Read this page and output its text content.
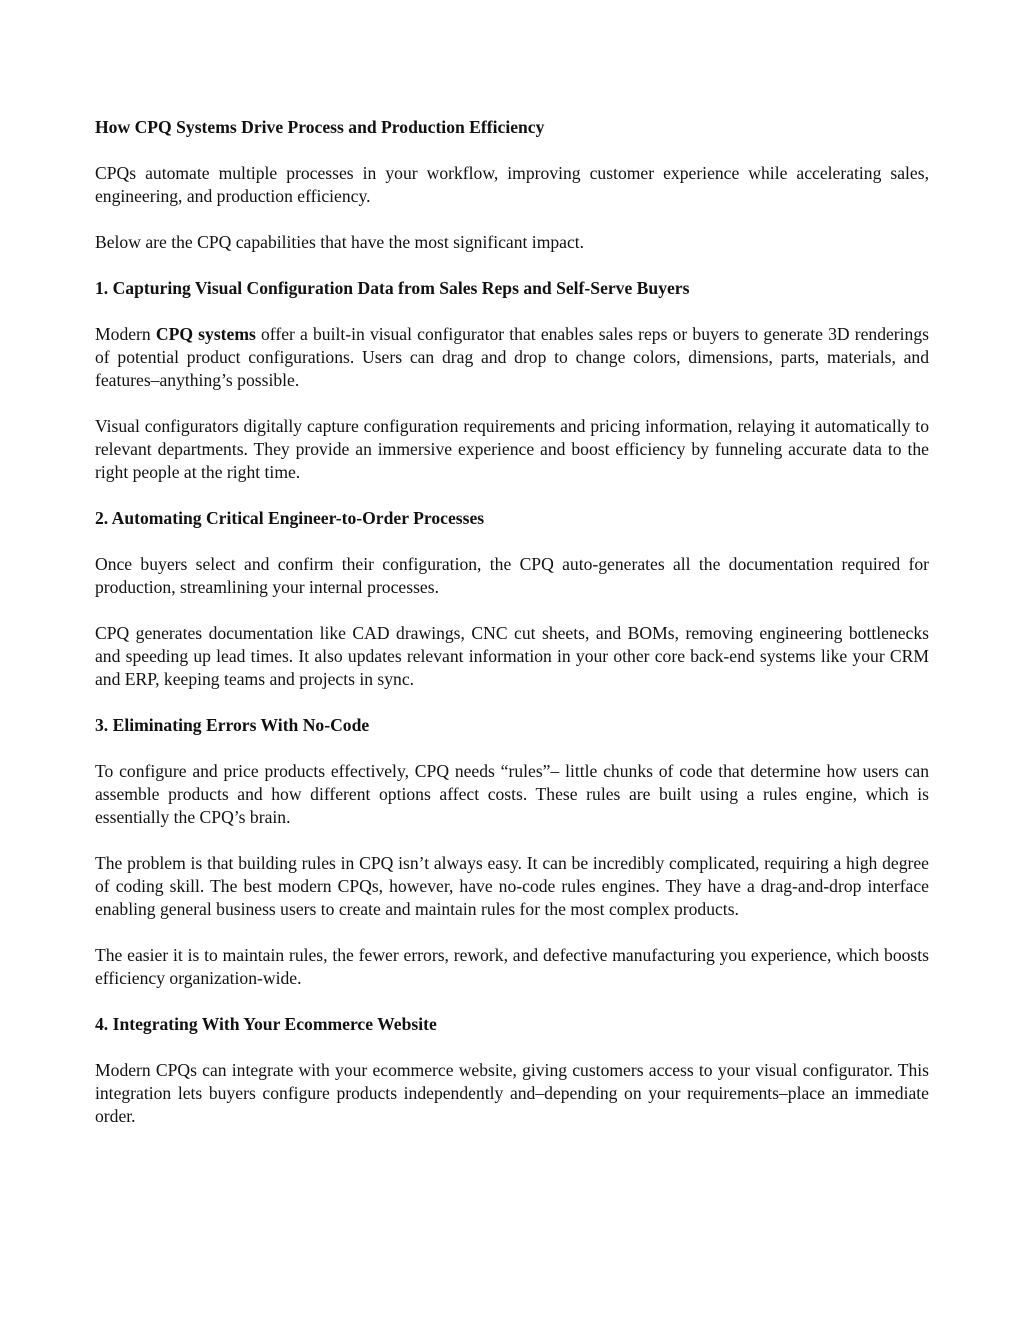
How CPQ Systems Drive Process and Production Efficiency

CPQs automate multiple processes in your workflow, improving customer experience while accelerating sales, engineering, and production efficiency.

Below are the CPQ capabilities that have the most significant impact.

1. Capturing Visual Configuration Data from Sales Reps and Self-Serve Buyers

Modern CPQ systems offer a built-in visual configurator that enables sales reps or buyers to generate 3D renderings of potential product configurations. Users can drag and drop to change colors, dimensions, parts, materials, and features–anything’s possible.

Visual configurators digitally capture configuration requirements and pricing information, relaying it automatically to relevant departments. They provide an immersive experience and boost efficiency by funneling accurate data to the right people at the right time.

2. Automating Critical Engineer-to-Order Processes

Once buyers select and confirm their configuration, the CPQ auto-generates all the documentation required for production, streamlining your internal processes.

CPQ generates documentation like CAD drawings, CNC cut sheets, and BOMs, removing engineering bottlenecks and speeding up lead times. It also updates relevant information in your other core back-end systems like your CRM and ERP, keeping teams and projects in sync.

3. Eliminating Errors With No-Code

To configure and price products effectively, CPQ needs “rules”– little chunks of code that determine how users can assemble products and how different options affect costs. These rules are built using a rules engine, which is essentially the CPQ’s brain.

The problem is that building rules in CPQ isn’t always easy. It can be incredibly complicated, requiring a high degree of coding skill. The best modern CPQs, however, have no-code rules engines. They have a drag-and-drop interface enabling general business users to create and maintain rules for the most complex products.

The easier it is to maintain rules, the fewer errors, rework, and defective manufacturing you experience, which boosts efficiency organization-wide.

4. Integrating With Your Ecommerce Website

Modern CPQs can integrate with your ecommerce website, giving customers access to your visual configurator. This integration lets buyers configure products independently and–depending on your requirements–place an immediate order.
